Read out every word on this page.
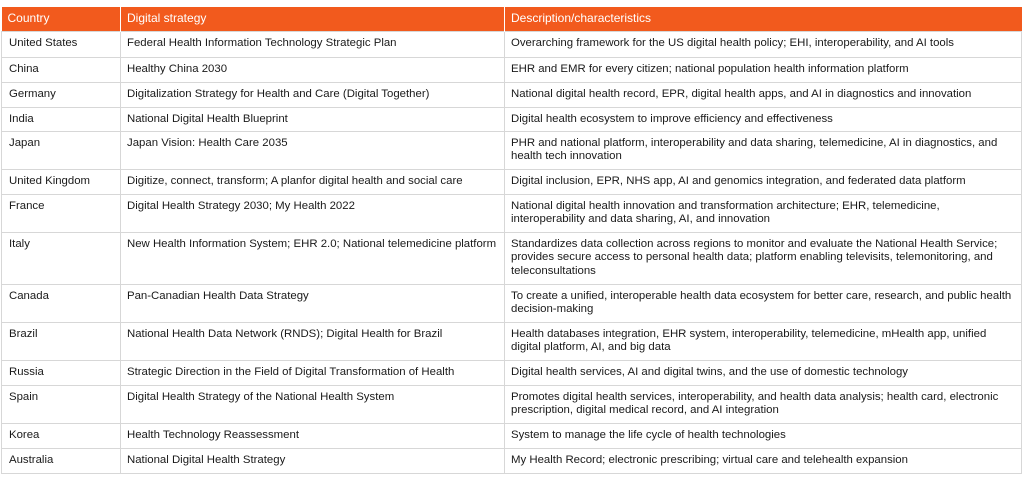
Country	Digital strategy	Description/characteristics
United States	Federal Health Information Technology Strategic Plan	Overarching framework for the US digital health policy; EHI, interoperability, and AI tools
China	Healthy China 2030	EHR and EMR for every citizen; national population health information platform
Germany	Digitalization Strategy for Health and Care (Digital Together)	National digital health record, EPR, digital health apps, and AI in diagnostics and innovation
India	National Digital Health Blueprint	Digital health ecosystem to improve efficiency and effectiveness
Japan	Japan Vision: Health Care 2035	PHR and national platform, interoperability and data sharing, telemedicine, AI in diagnostics, and health tech innovation
United Kingdom	Digitize, connect, transform; A planfor digital health and social care	Digital inclusion, EPR, NHS app, AI and genomics integration, and federated data platform
France	Digital Health Strategy 2030; My Health 2022	National digital health innovation and transformation architecture; EHR, telemedicine, interoperability and data sharing, AI, and innovation
Italy	New Health Information System; EHR 2.0; National telemedicine platform	Standardizes data collection across regions to monitor and evaluate the National Health Service; provides secure access to personal health data; platform enabling televisits, telemonitoring, and teleconsultations
Canada	Pan-Canadian Health Data Strategy	To create a unified, interoperable health data ecosystem for better care, research, and public health decision-making
Brazil	National Health Data Network (RNDS); Digital Health for Brazil	Health databases integration, EHR system, interoperability, telemedicine, mHealth app, unified digital platform, AI, and big data
Russia	Strategic Direction in the Field of Digital Transformation of Health	Digital health services, AI and digital twins, and the use of domestic technology
Spain	Digital Health Strategy of the National Health System	Promotes digital health services, interoperability, and health data analysis; health card, electronic prescription, digital medical record, and AI integration
Korea	Health Technology Reassessment	System to manage the life cycle of health technologies
Australia	National Digital Health Strategy	My Health Record; electronic prescribing; virtual care and telehealth expansion
